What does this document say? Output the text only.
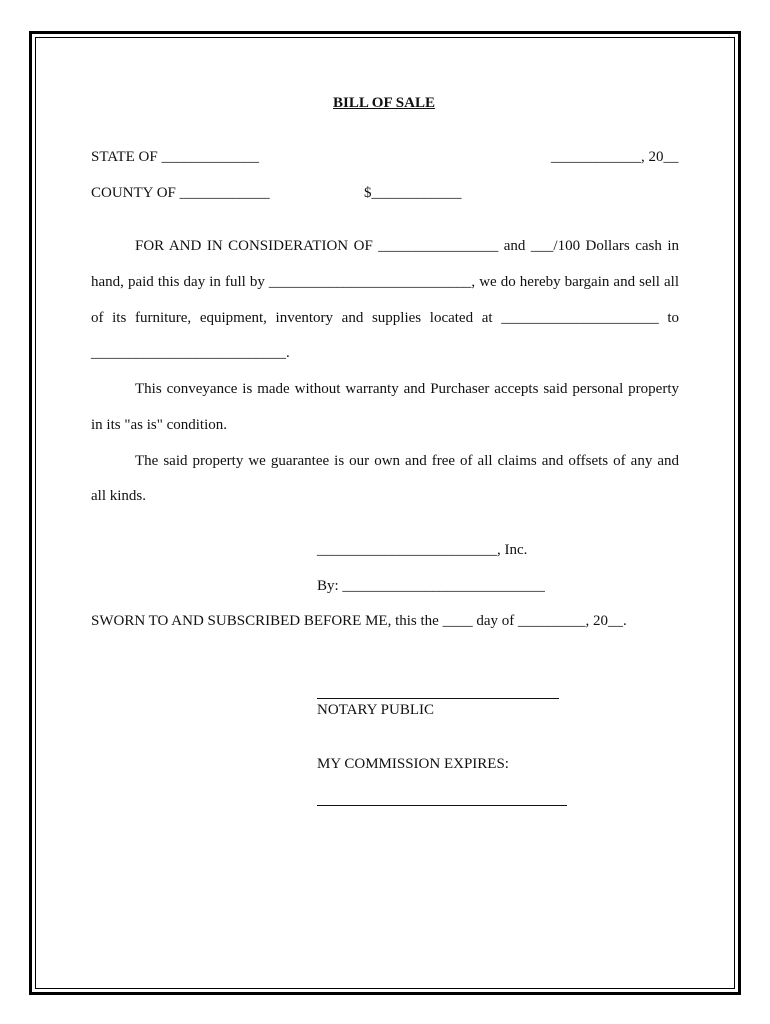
BILL OF SALE

STATE OF _____________	____________, 20__

COUNTY OF ____________	$____________

FOR AND IN CONSIDERATION OF ________________ and ___/100 Dollars cash in

hand, paid this day in full by ___________________________, we do hereby bargain and sell all

of its furniture, equipment, inventory and supplies located at _____________________ to

__________________________.

This conveyance is made without warranty and Purchaser accepts said personal property

in its "as is" condition.

The said property we guarantee is our own and free of all claims and offsets of any and

all kinds.

________________________, Inc.

By: ___________________________

SWORN TO AND SUBSCRIBED BEFORE ME, this the ____ day of _________, 20__.

NOTARY PUBLIC

MY COMMISSION EXPIRES:
